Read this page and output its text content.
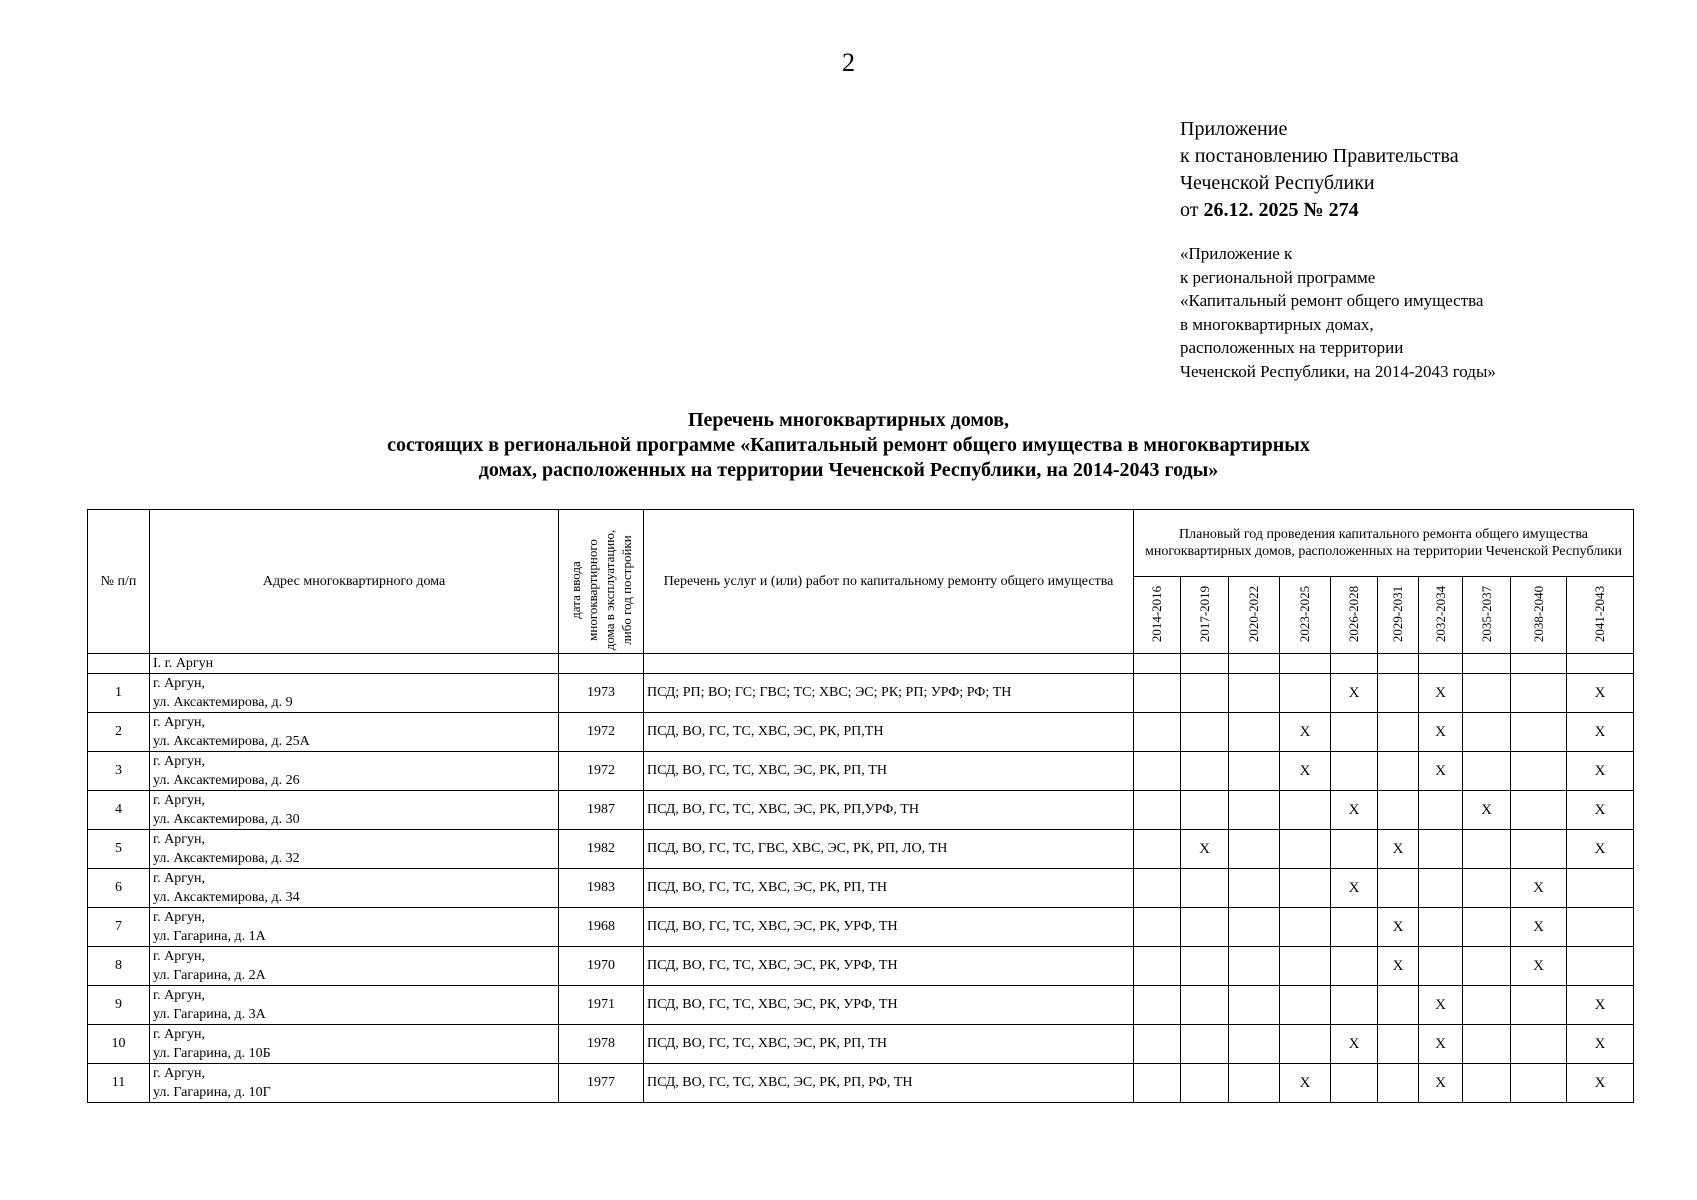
2
Приложение
к постановлению Правительства
Чеченской Республики
от 26.12. 2025 № 274
«Приложение к
к региональной программе
«Капитальный ремонт общего имущества
в многоквартирных домах,
расположенных на территории
Чеченской Республики, на 2014-2043 годы»
Перечень многоквартирных домов,
состоящих в региональной программе «Капитальный ремонт общего имущества в многоквартирных
домах, расположенных на территории Чеченской Республики, на 2014-2043 годы»
№ п/п	Адрес многоквартирного дома	дата ввода многоквартирного дома в эксплуатацию, либо год постройки	Перечень услуг и (или) работ по капитальному ремонту общего имущества	Плановый год проведения капитального ремонта общего имущества многоквартирных домов, расположенных на территории Чеченской Республики									

				2014-2016	2017-2019	2020-2022	2023-2025	2026-2028	2029-2031	2032-2034	2035-2037	2038-2040	2041-2043

	I. г. Аргун												
1	г. Аргун,
ул. Аксактемирова, д. 9	1973	ПСД; РП; ВО; ГС; ГВС; ТС; ХВС; ЭС; РК; РП; УРФ; РФ; ТН					X		X			X
2	г. Аргун,
ул. Аксактемирова, д. 25А	1972	ПСД, ВО, ГС, ТС, ХВС, ЭС, РК, РП,ТН				X			X			X
3	г. Аргун,
ул. Аксактемирова, д. 26	1972	ПСД, ВО, ГС, ТС, ХВС, ЭС, РК, РП, ТН				X			X			X
4	г. Аргун,
ул. Аксактемирова, д. 30	1987	ПСД, ВО, ГС, ТС, ХВС, ЭС, РК, РП,УРФ, ТН					X			X		X
5	г. Аргун,
ул. Аксактемирова, д. 32	1982	ПСД, ВО, ГС, ТС, ГВС, ХВС, ЭС, РК, РП, ЛО, ТН		X				X				X
6	г. Аргун,
ул. Аксактемирова, д. 34	1983	ПСД, ВО, ГС, ТС, ХВС, ЭС, РК, РП, ТН					X				X	
7	г. Аргун,
ул. Гагарина, д. 1А	1968	ПСД, ВО, ГС, ТС, ХВС, ЭС, РК, УРФ, ТН						X			X	
8	г. Аргун,
ул. Гагарина, д. 2А	1970	ПСД, ВО, ГС, ТС, ХВС, ЭС, РК, УРФ, ТН						X			X	
9	г. Аргун,
ул. Гагарина, д. 3А	1971	ПСД, ВО, ГС, ТС, ХВС, ЭС, РК, УРФ, ТН							X			X
10	г. Аргун,
ул. Гагарина, д. 10Б	1978	ПСД, ВО, ГС, ТС, ХВС, ЭС, РК, РП, ТН					X		X			X
11	г. Аргун,
ул. Гагарина, д. 10Г	1977	ПСД, ВО, ГС, ТС, ХВС, ЭС, РК, РП, РФ, ТН				X			X			X
